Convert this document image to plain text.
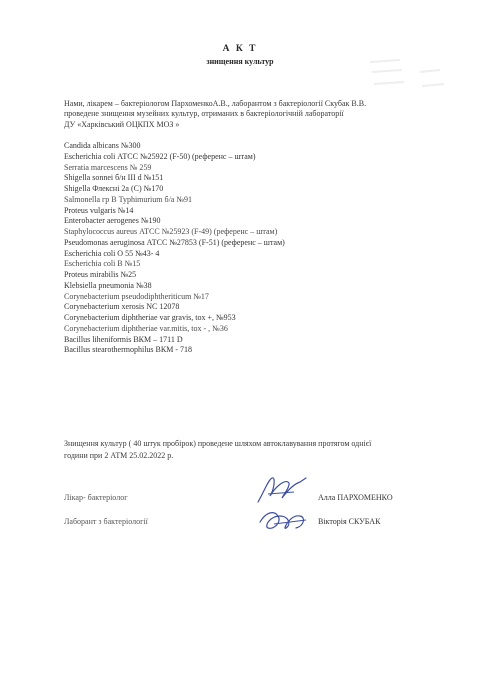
А К Т
знищення культур
Нами, лікарем – бактеріологом ПархоменкоА.В., лаборантом з бактеріології Скубак В.В.
проведене знищення музейних культур, отриманих в бактеріологічній лабораторії
ДУ «Харківський ОЦКПХ МОЗ »
Candida albicans №300
Escherichia coli АТСС №25922 (F-50) (референс – штам)
Serratia marcescens № 259
Shigella sonnei б/н ІІІ d №151
Shigella Флексні 2а (С) №170
Salmonella гр В Typhimurium б/а №91
Proteus vulgaris №14
Enterobacter aerogenes №190
Staphylococcus aureus АТСС №25923 (F-49) (референс – штам)
Pseudomonas aeruginosa АТСС №27853 (F-51) (референс – штам)
Escherichia coli O 55 №43- 4
Escherichia coli В №15
Proteus mirabilis №25
Klebsiella pneumonia №38
Corynebacterium pseudodiphtheriticum №17
Corynebacterium xerosis NC 12078
Corynebacterium diphtheriae var gravis, tox +, №953
Corynebacterium diphtheriae var.mitis, tox - , №36
Bacillus lihenіformis ВКМ – 1711 D
Bacillus stearothermophilus ВКМ - 718
Знищення культур ( 40 штук пробірок) проведене шляхом автоклавування протягом однієї
години при 2 АТМ 25.02.2022 р.
Лікар- бактеріолог	Алла ПАРХОМЕНКО
Лаборант з бактеріології	Вікторія СКУБАК
